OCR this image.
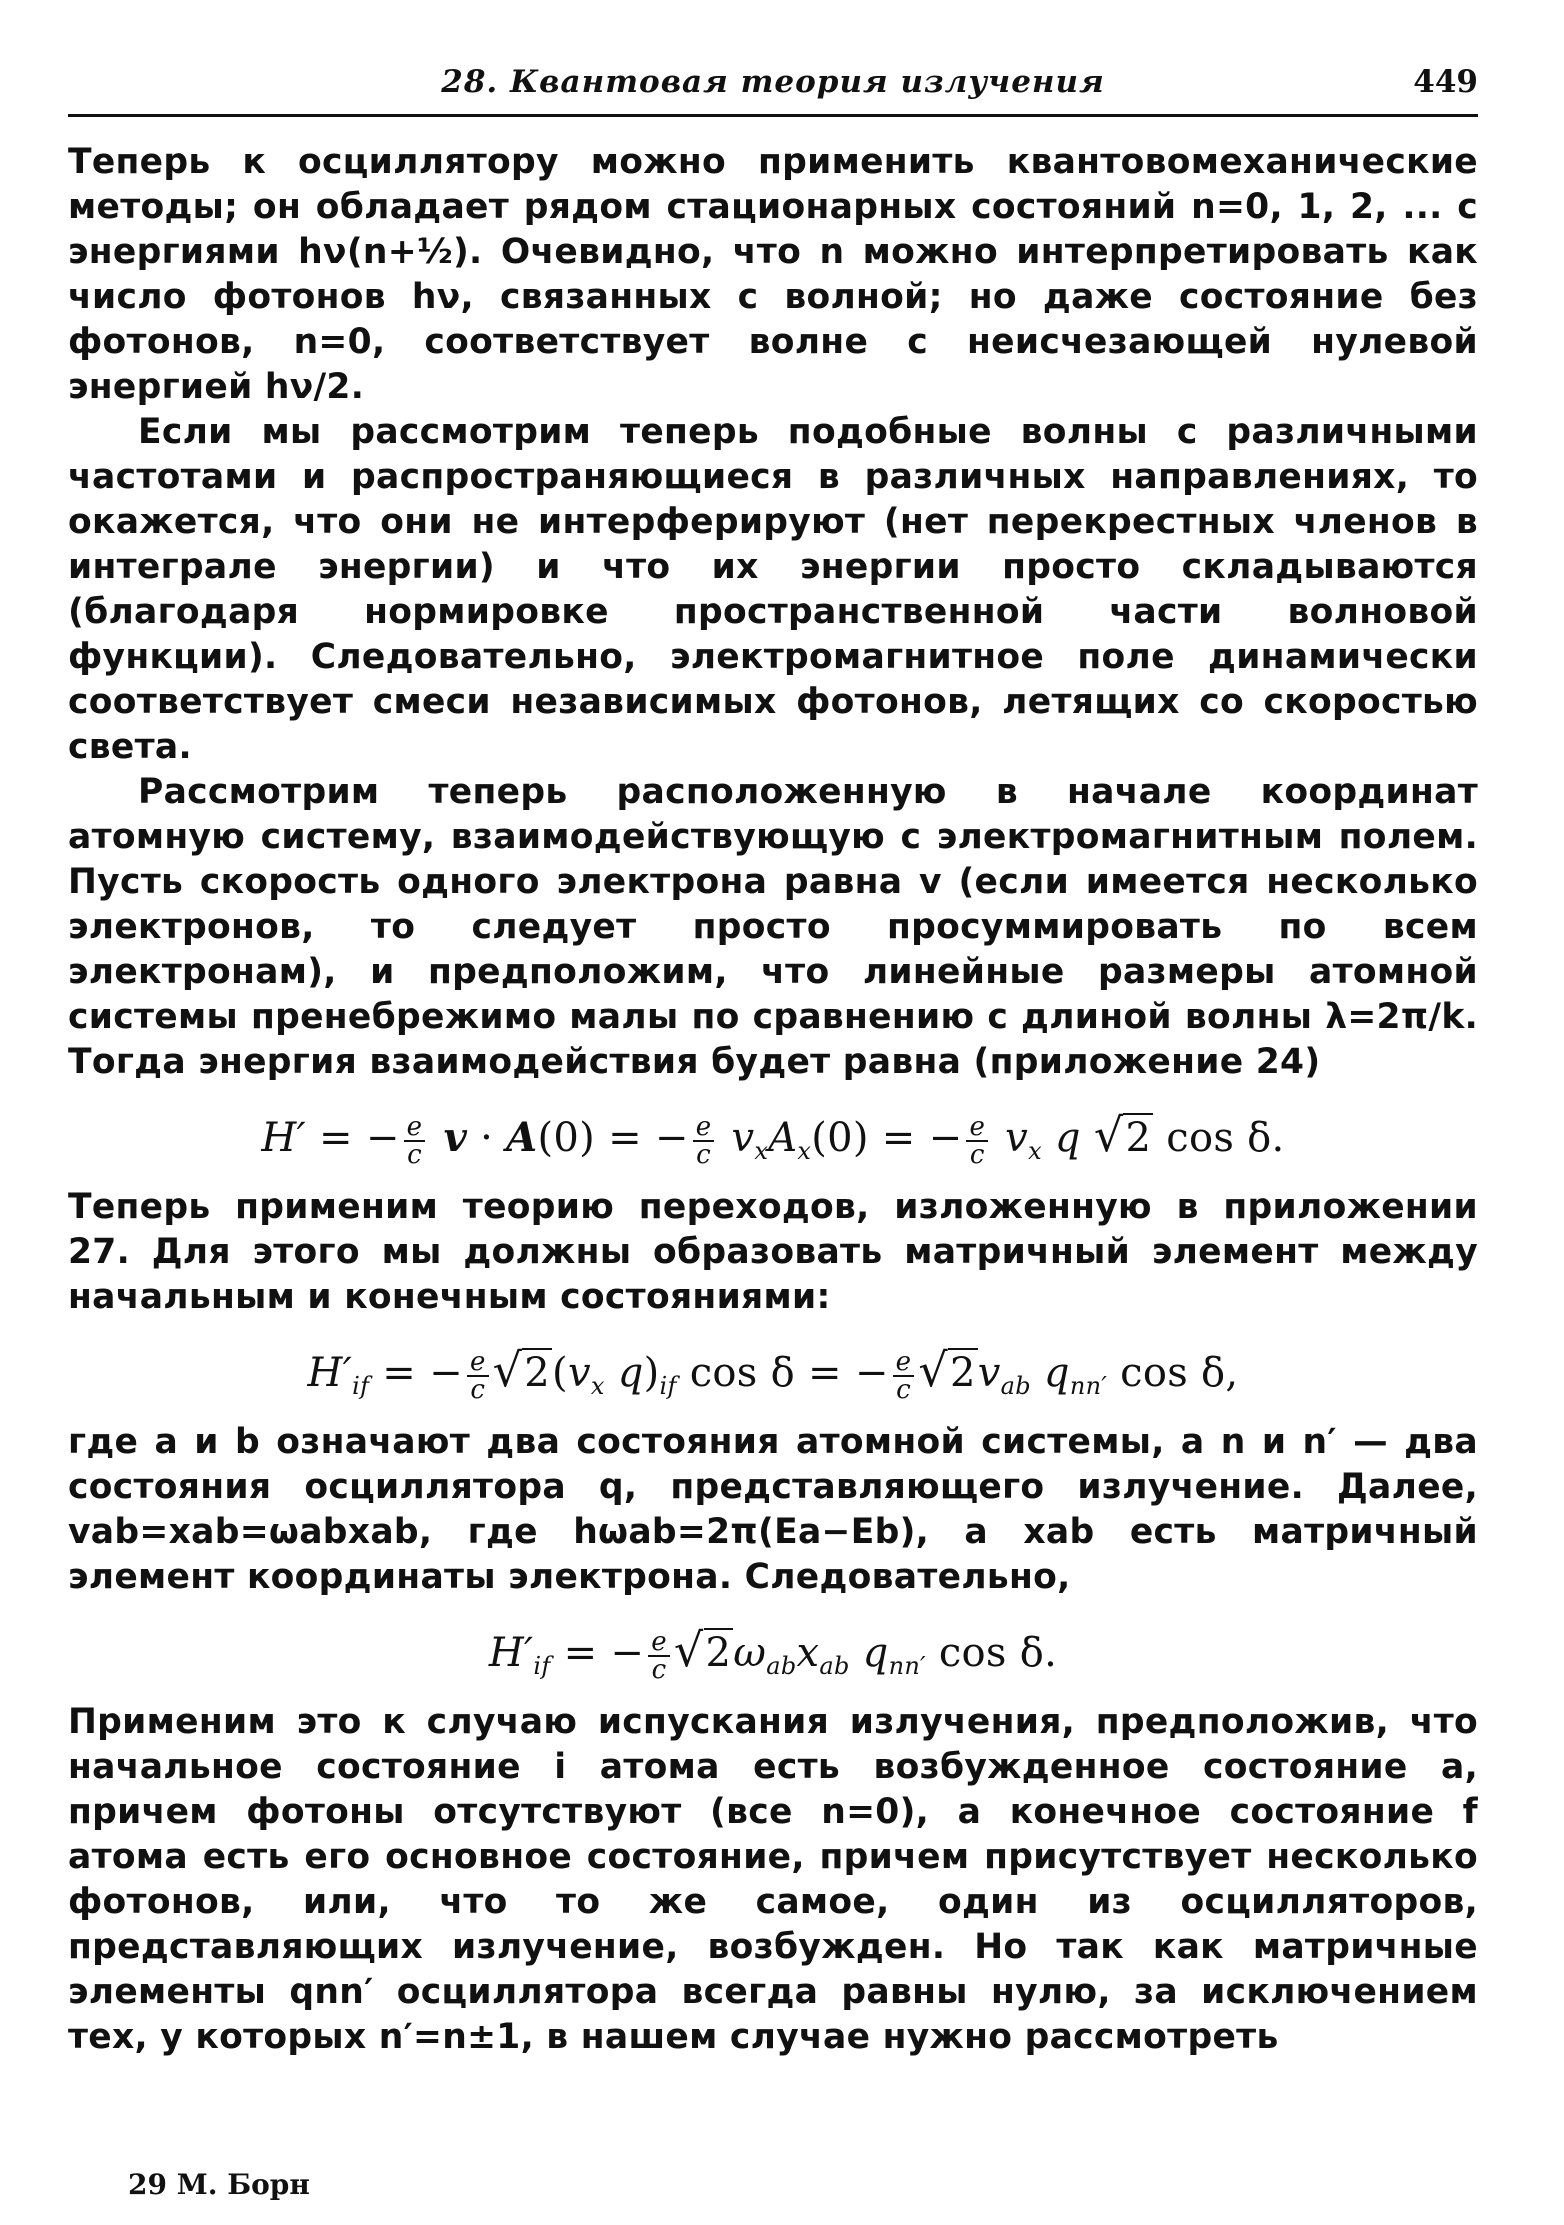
28. Квантовая теория излучения	449

Теперь к осциллятору можно применить квантовомеханические методы; он обладает рядом стационарных состояний n=0, 1, 2, ... с энергиями hν(n+½). Очевидно, что n можно интерпретировать как число фотонов hν, связанных с волной; но даже состояние без фотонов, n=0, соответствует волне с неисчезающей нулевой энергией hν/2.

Если мы рассмотрим теперь подобные волны с различными частотами и распространяющиеся в различных направлениях, то окажется, что они не интерферируют (нет перекрестных членов в интеграле энергии) и что их энергии просто складываются (благодаря нормировке пространственной части волновой функции). Следовательно, электромагнитное поле динамически соответствует смеси независимых фотонов, летящих со скоростью света.

Рассмотрим теперь расположенную в начале координат атомную систему, взаимодействующую с электромагнитным полем. Пусть скорость одного электрона равна v (если имеется несколько электронов, то следует просто просуммировать по всем электронам), и предположим, что линейные размеры атомной системы пренебрежимо малы по сравнению с длиной волны λ=2π/k. Тогда энергия взаимодействия будет равна (приложение 24)

H′ = − $\frac{e}{c}$ v · A(0) = − $\frac{e}{c} v_xA_x(0)$ = − $\frac{e}{c} v_x$ q √2 cos δ.

Теперь применим теорию переходов, изложенную в приложении 27. Для этого мы должны образовать матричный элемент между начальным и конечным состояниями:

$H'_{if}$ = − $\frac{e}{c} √2(v_x$ $q)_{if}$ cos δ = − $\frac{e}{c} √2v_{ab}$ $q_{nn'}$ cos δ,

где a и b означают два состояния атомной системы, а n и n′ — два состояния осциллятора q, представляющего излучение. Далее, vab=xab=ωabxab, где hωab=2π(Ea−Eb), а xab есть матричный элемент координаты электрона. Следовательно,

$H'_{if}$ = − $\frac{e}{c} √2\omega_{ab}x_{ab}$ $q_{nn'}$ cos δ.

Применим это к случаю испускания излучения, предположив, что начальное состояние i атома есть возбужденное состояние a, причем фотоны отсутствуют (все n=0), а конечное состояние f атома есть его основное состояние, причем присутствует несколько фотонов, или, что то же самое, один из осцилляторов, представляющих излучение, возбужден. Но так как матричные элементы qnn′ осциллятора всегда равны нулю, за исключением тех, у которых n′=n±1, в нашем случае нужно рассмотреть

29 М. Борн
